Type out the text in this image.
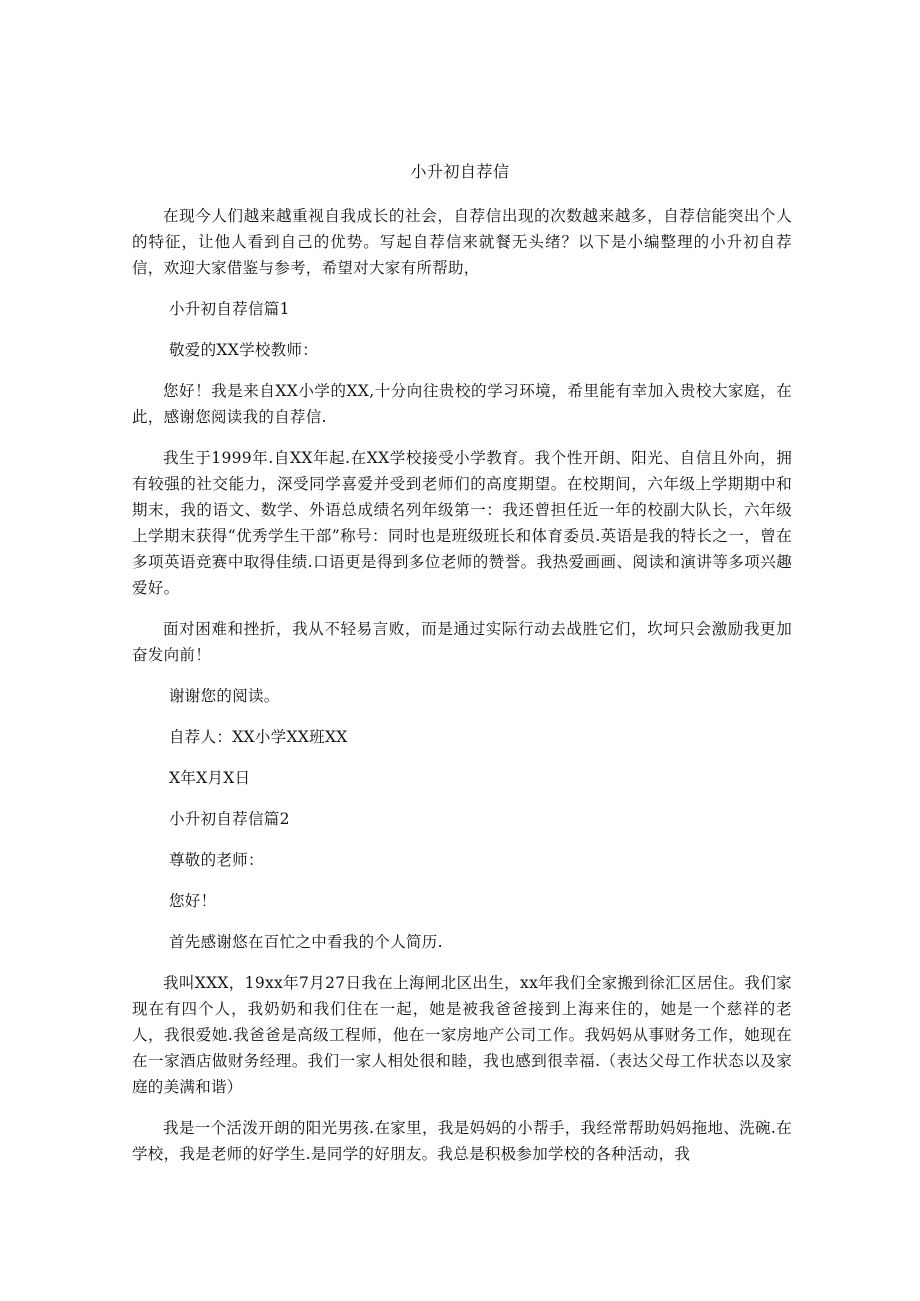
小升初自荐信

在现今人们越来越重视自我成长的社会，自荐信出现的次数越来越多，自荐信能突出个人的特征，让他人看到自己的优势。写起自荐信来就餐无头绪？以下是小编整理的小升初自荐信，欢迎大家借鉴与参考，希望对大家有所帮助，

小升初自荐信篇1
敬爱的XX学校教师：

您好！我是来自XX小学的XX,十分向往贵校的学习环境，希里能有幸加入贵校大家庭，在此，感谢您阅读我的自荐信.

我生于1999年.自XX年起.在XX学校接受小学教育。我个性开朗、阳光、自信且外向，拥有较强的社交能力，深受同学喜爱并受到老师们的高度期望。在校期间，六年级上学期期中和期末，我的语文、数学、外语总成绩名列年级第一：我还曾担任近一年的校副大队长，六年级上学期末获得“优秀学生干部”称号：同时也是班级班长和体育委员.英语是我的特长之一，曾在多项英语竞赛中取得佳绩.口语更是得到多位老师的赞誉。我热爱画画、阅读和演讲等多项兴趣爱好。

面对困难和挫折，我从不轻易言败，而是通过实际行动去战胜它们，坎坷只会激励我更加奋发向前！

谢谢您的阅读。
自荐人：XX小学XX班XX
X年X月X日
小升初自荐信篇2
尊敬的老师：
您好！
首先感谢悠在百忙之中看我的个人简历.

我叫XXX，19xx年7月27日我在上海闸北区出生，xx年我们全家搬到徐汇区居住。我们家现在有四个人，我奶奶和我们住在一起，她是被我爸爸接到上海来住的，她是一个慈祥的老人，我很爱她.我爸爸是高级工程师，他在一家房地产公司工作。我妈妈从事财务工作，她现在在一家酒店做财务经理。我们一家人相处很和睦，我也感到很幸福.（表达父母工作状态以及家庭的美满和谐）

我是一个活泼开朗的阳光男孩.在家里，我是妈妈的小帮手，我经常帮助妈妈拖地、洗碗.在学校，我是老师的好学生.是同学的好朋友。我总是积极参加学校的各种活动，我
